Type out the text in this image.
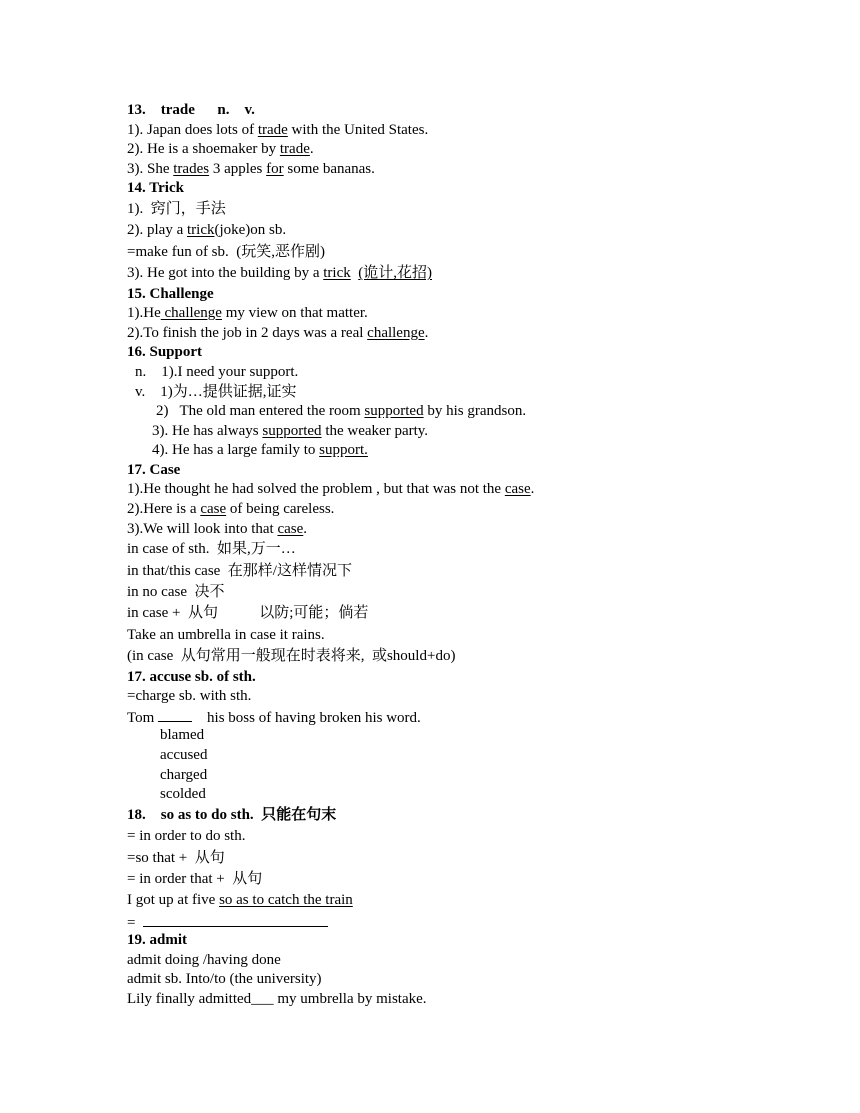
13.    trade      n.    v.
1). Japan does lots of trade with the United States.
2). He is a shoemaker by trade.
3). She trades 3 apples for some bananas.
14. Trick
1).  窍门，手法
2). play a trick(joke)on sb.
=make fun of sb.  (玩笑,恶作剧)
3). He got into the building by a trick (诡计,花招)
15. Challenge
1).He challenge my view on that matter.
2).To finish the job in 2 days was a real challenge.
16. Support
n.    1).I need your support.
v.    1)为…提供证据,证实
2)   The old man entered the room supported by his grandson.
3). He has always supported the weaker party.
4). He has a large family to support.
17. Case
1).He thought he had solved the problem , but that was not the case.
2).Here is a case of being careless.
3).We will look into that case.
in case of sth.  如果,万一…
in that/this case  在那样/这样情况下
in no case  决不
in case +  从句           以防;可能；倘若
Take an umbrella in case it rains.
(in case  从句常用一般现在时表将来,  或should+do)
17. accuse sb. of sth.
=charge sb. with sth.
Tom     his boss of having broken his word.
blamed
accused
charged
scolded
18.    so as to do sth.  只能在句末
= in order to do sth.
=so that +  从句
= in order that +  从句
I got up at five so as to catch the train
=
19. admit
admit doing /having done
admit sb. Into/to (the university)
Lily finally admitted___ my umbrella by mistake.
